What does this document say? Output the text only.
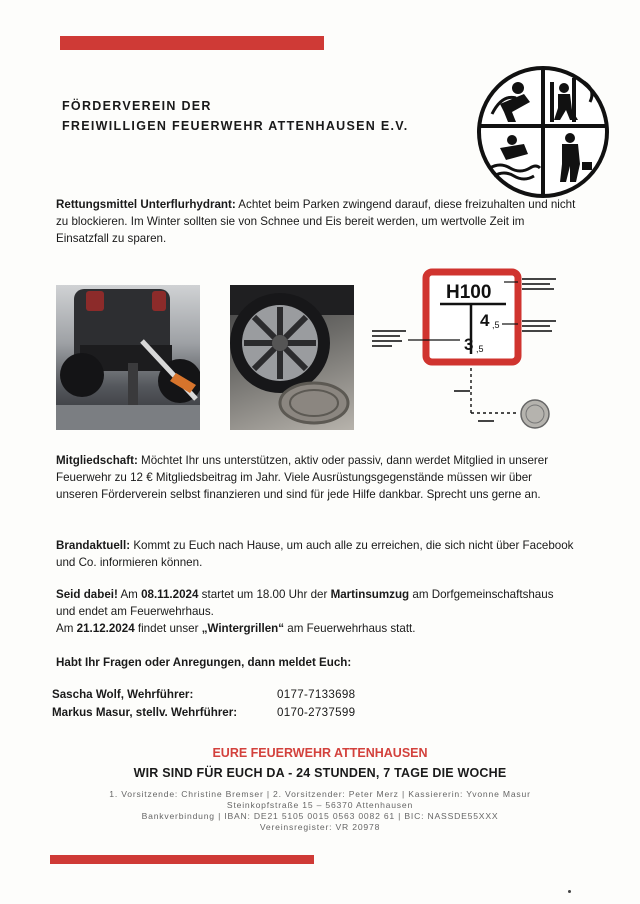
FÖRDERVEREIN DER
FREIWILLIGEN FEUERWEHR ATTENHAUSEN E.V.
Rettungsmittel Unterflurhydrant: Achtet beim Parken zwingend darauf, diese freizuhalten und nicht zu blockieren. Im Winter sollten sie von Schnee und Eis bereit werden, um wertvolle Zeit im Einsatzfall zu sparen.
H100
4 ,5
3 ,5
Mitgliedschaft: Möchtet Ihr uns unterstützen, aktiv oder passiv, dann werdet Mitglied in unserer Feuerwehr zu 12 € Mitgliedsbeitrag im Jahr. Viele Ausrüstungsgegenstände müssen wir über unseren Förderverein selbst finanzieren und sind für jede Hilfe dankbar. Sprecht uns gerne an.
Brandaktuell: Kommt zu Euch nach Hause, um auch alle zu erreichen, die sich nicht über Facebook und Co. informieren können.
Seid dabei! Am 08.11.2024 startet um 18.00 Uhr der Martinsumzug am Dorfgemeinschaftshaus und endet am Feuerwehrhaus.
Am 21.12.2024 findet unser „Wintergrillen“ am Feuerwehrhaus statt.
Habt Ihr Fragen oder Anregungen, dann meldet Euch:
Sascha Wolf, Wehrführer:	0177-7133698
Markus Masur, stellv. Wehrführer:	0170-2737599
EURE FEUERWEHR ATTENHAUSEN
WIR SIND FÜR EUCH DA - 24 STUNDEN, 7 TAGE DIE WOCHE
1. Vorsitzende: Christine Bremser | 2. Vorsitzender: Peter Merz | Kassiererin: Yvonne Masur
Steinkopfstraße 15 – 56370 Attenhausen
Bankverbindung | IBAN: DE21 5105 0015 0563 0082 61 | BIC: NASSDE55XXX
Vereinsregister: VR 20978
